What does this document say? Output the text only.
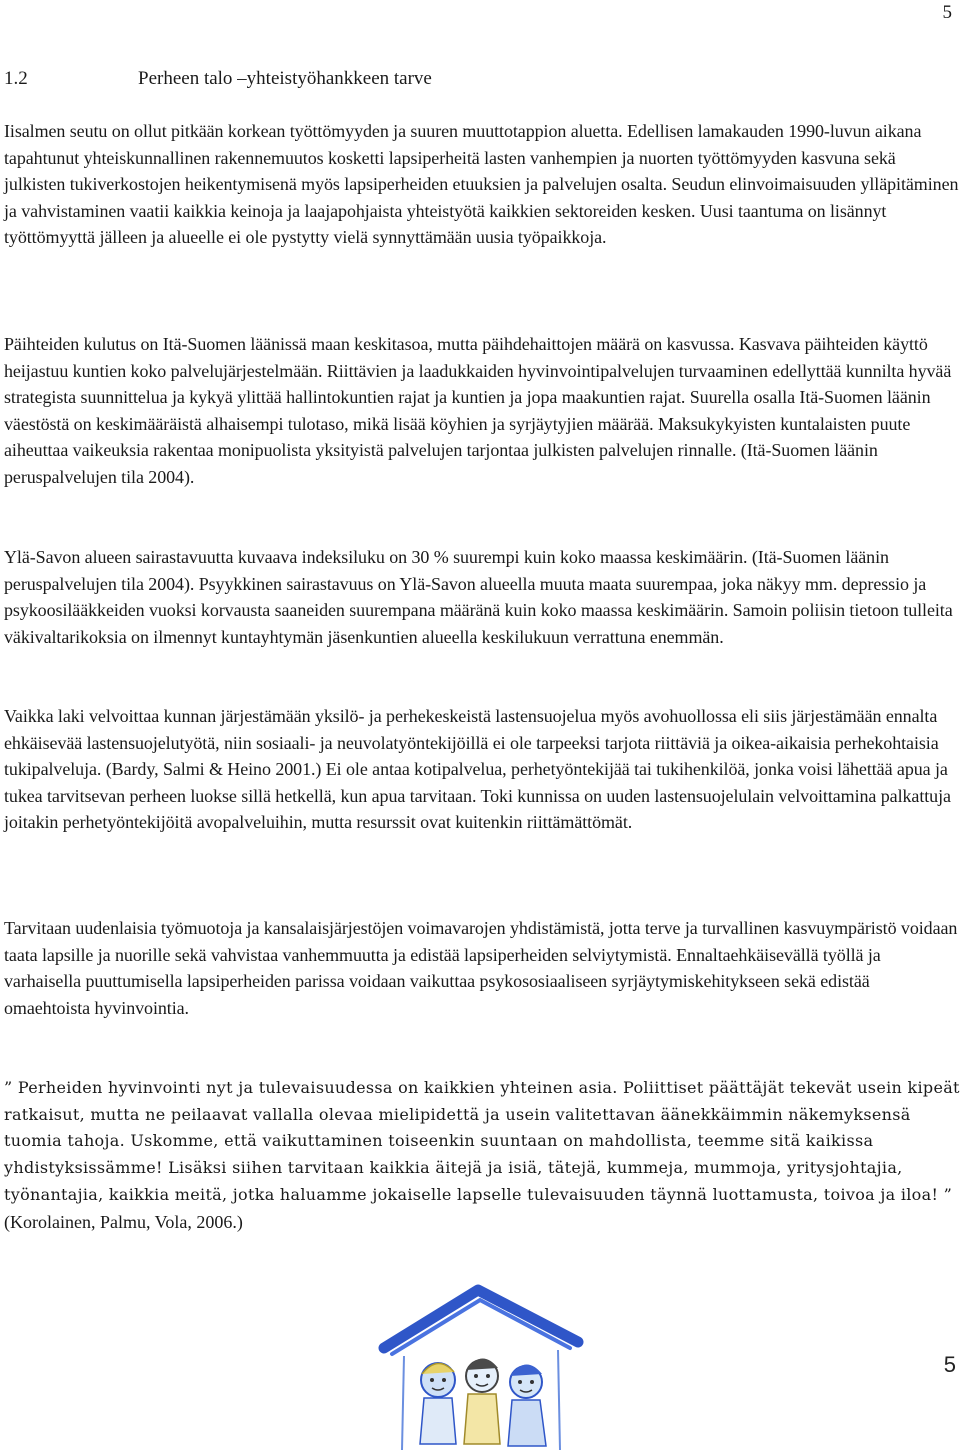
5
1.2	Perheen talo –yhteistyöhankkeen tarve

Iisalmen seutu on ollut pitkään korkean työttömyyden ja suuren muuttotappion aluetta. Edellisen lamakauden 1990-luvun aikana tapahtunut yhteiskunnallinen rakennemuutos kosketti lapsiperheitä lasten vanhempien ja nuorten työttömyyden kasvuna sekä julkisten tukiverkostojen heikentymisenä myös lapsiperheiden etuuksien ja palvelujen osalta. Seudun elinvoimaisuuden ylläpitäminen ja vahvistaminen vaatii kaikkia keinoja ja laajapohjaista yhteistyötä kaikkien sektoreiden kesken. Uusi taantuma on lisännyt työttömyyttä jälleen ja alueelle ei ole pystytty vielä synnyttämään uusia työpaikkoja.

Päihteiden kulutus on Itä-Suomen läänissä maan keskitasoa, mutta päihdehaittojen määrä on kasvussa. Kasvava päihteiden käyttö heijastuu kuntien koko palvelujärjestelmään. Riittävien ja laadukkaiden hyvinvointipalvelujen turvaaminen edellyttää kunnilta hyvää strategista suunnittelua ja kykyä ylittää hallintokuntien rajat ja kuntien ja jopa maakuntien rajat. Suurella osalla Itä-Suomen läänin väestöstä on keskimääräistä alhaisempi tulotaso, mikä lisää köyhien ja syrjäytyjien määrää. Maksukykyisten kuntalaisten puute aiheuttaa vaikeuksia rakentaa monipuolista yksityistä palvelujen tarjontaa julkisten palvelujen rinnalle. (Itä-Suomen läänin peruspalvelujen tila 2004).

Ylä-Savon alueen sairastavuutta kuvaava indeksiluku on 30 % suurempi kuin koko maassa keskimäärin. (Itä-Suomen läänin peruspalvelujen tila 2004). Psyykkinen sairastavuus on Ylä-Savon alueella muuta maata suurempaa, joka näkyy mm. depressio ja psykoosilääkkeiden vuoksi korvausta saaneiden suurempana määränä kuin koko maassa keskimäärin. Samoin poliisin tietoon tulleita väkivaltarikoksia on ilmennyt kuntayhtymän jäsenkuntien alueella keskilukuun verrattuna enemmän.

Vaikka laki velvoittaa kunnan järjestämään yksilö- ja perhekeskeistä lastensuojelua myös avohuollossa eli siis järjestämään ennalta ehkäisevää lastensuojelutyötä, niin sosiaali- ja neuvolatyöntekijöillä ei ole tarpeeksi tarjota riittäviä ja oikea-aikaisia perhekohtaisia tukipalveluja. (Bardy, Salmi & Heino 2001.) Ei ole antaa kotipalvelua, perhetyöntekijää tai tukihenkilöä, jonka voisi lähettää apua ja tukea tarvitsevan perheen luokse sillä hetkellä, kun apua tarvitaan. Toki kunnissa on uuden lastensuojelulain velvoittamina palkattuja joitakin perhetyöntekijöitä avopalveluihin, mutta resurssit ovat kuitenkin riittämättömät.

Tarvitaan uudenlaisia työmuotoja ja kansalaisjärjestöjen voimavarojen yhdistämistä, jotta terve ja turvallinen kasvuympäristö voidaan taata lapsille ja nuorille sekä vahvistaa vanhemmuutta ja edistää lapsiperheiden selviytymistä. Ennaltaehkäisevällä työllä ja varhaisella puuttumisella lapsiperheiden parissa voidaan vaikuttaa psykososiaaliseen syrjäytymiskehitykseen sekä edistää omaehtoista hyvinvointia.

” Perheiden hyvinvointi nyt ja tulevaisuudessa on kaikkien yhteinen asia. Poliittiset päättäjät tekevät usein kipeät ratkaisut, mutta ne peilaavat vallalla olevaa mielipidettä ja usein valitettavan äänekkäimmin näkemyksensä tuomia tahoja. Uskomme, että vaikuttaminen toiseenkin suuntaan on mahdollista, teemme sitä kaikissa yhdistyksissämme! Lisäksi siihen tarvitaan kaikkia äitejä ja isiä, tätejä, kummeja, mummoja, yritysjohtajia, työnantajia, kaikkia meitä, jotka haluamme jokaiselle lapselle tulevaisuuden täynnä luottamusta, toivoa ja iloa! ” (Korolainen, Palmu, Vola, 2006.)

5
